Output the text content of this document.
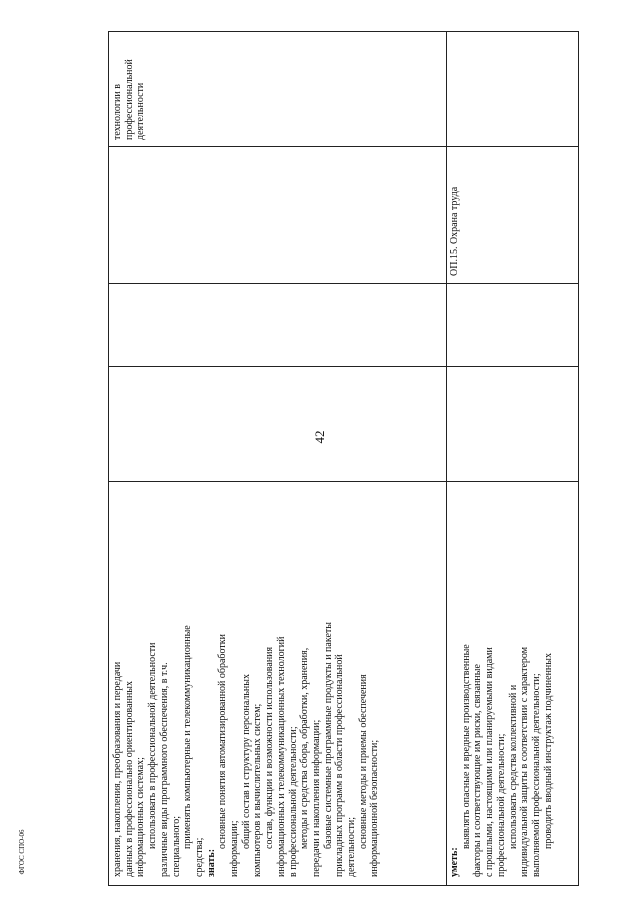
42
ФГОС СПО-06	хранения, накопления, преобразования и передачи данных в профессионально ориентированных информационных системах; использовать в профессиональной деятельности различные виды программного обеспечения, в т.ч. специального; применять компьютерные и телекоммуникационные
средства; знать:
основные понятия автоматизированной обработки информации; общий состав и структуру персональных компьютеров и вычислительных систем; состав, функции и возможности использования информационных и телекоммуникационных технологий в профессиональной деятельности; методы и средства сбора, обработки, хранения, передачи и накопления информации; базовые системные программные продукты и пакеты прикладных программ в области профессиональной деятельности; основные методы и приемы обеспечения информационной безопасности;
технологии в профессиональной деятельности
уметь:
выявлять опасные и вредные производственные факторы и соответствующие им риски, связанные с прошлыми, настоящими или планируемыми видами профессиональной деятельности; использовать средства коллективной и индивидуальной защиты в соответствии с характером выполняемой профессиональной деятельности; проводить вводный инструктаж подчиненных
ОП.15. Охрана труда
